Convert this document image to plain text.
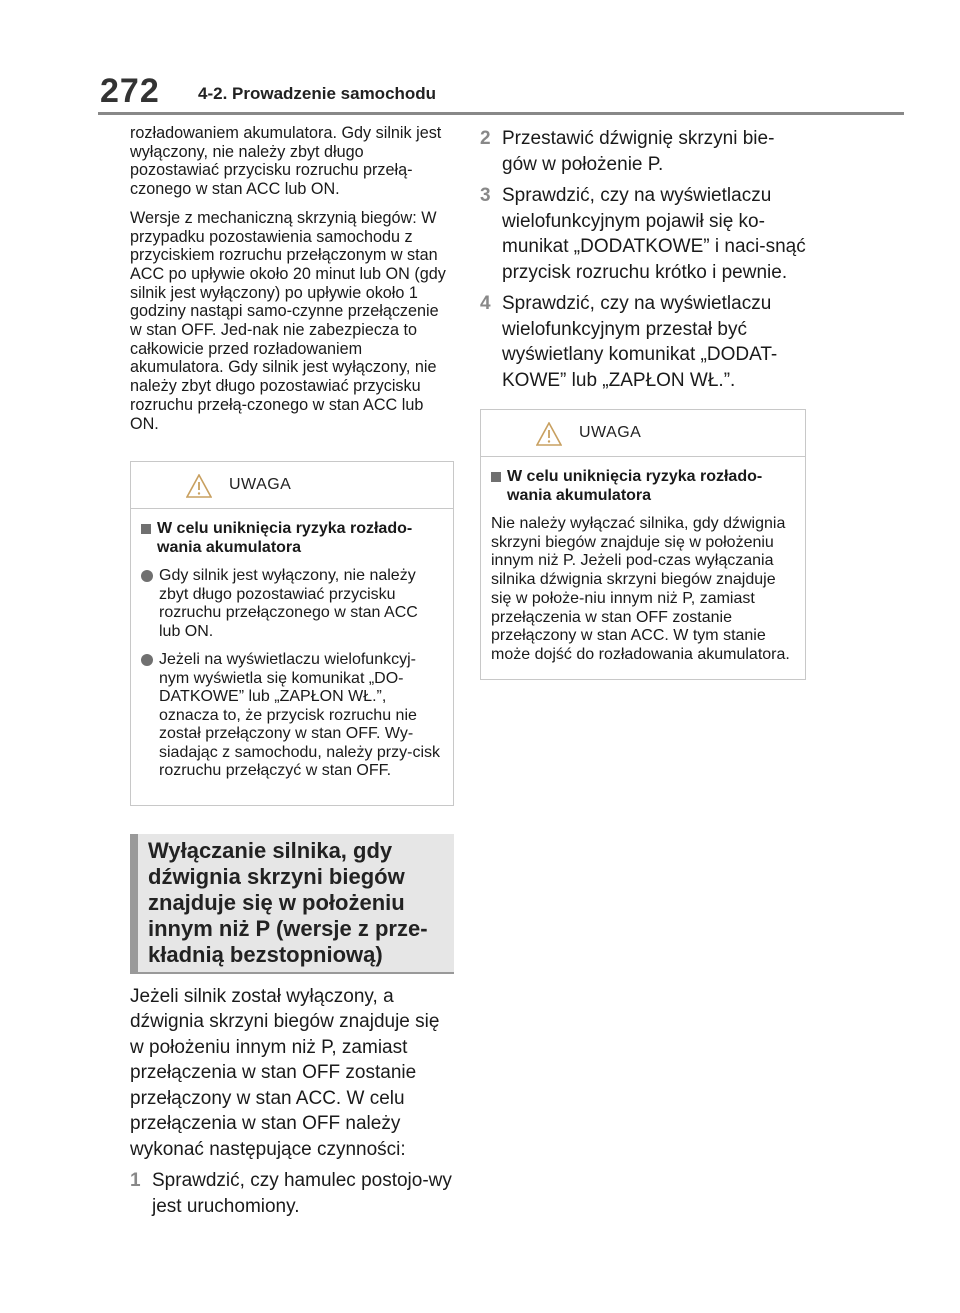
272 4-2. Prowadzenie samochodu

rozładowaniem akumulatora. Gdy silnik jest wyłączony, nie należy zbyt długo pozostawiać przycisku rozruchu przełą-czonego w stan ACC lub ON.

Wersje z mechaniczną skrzynią biegów: W przypadku pozostawienia samochodu z przyciskiem rozruchu przełączonym w stan ACC po upływie około 20 minut lub ON (gdy silnik jest wyłączony) po upływie około 1 godziny nastąpi samo-czynne przełączenie w stan OFF. Jed-nak nie zabezpiecza to całkowicie przed rozładowaniem akumulatora. Gdy silnik jest wyłączony, nie należy zbyt długo pozostawiać przycisku rozruchu przełą-czonego w stan ACC lub ON.

UWAGA
W celu uniknięcia ryzyka rozłado-wania akumulatora
Gdy silnik jest wyłączony, nie należy zbyt długo pozostawiać przycisku rozruchu przełączonego w stan ACC lub ON.
Jeżeli na wyświetlaczu wielofunkcyj-nym wyświetla się komunikat „DO-DATKOWE” lub „ZAPŁON WŁ.”, oznacza to, że przycisk rozruchu nie został przełączony w stan OFF. Wy-siadając z samochodu, należy przy-cisk rozruchu przełączyć w stan OFF.
Wyłączanie silnika, gdy dźwignia skrzyni biegów znajduje się w położeniu innym niż P (wersje z prze-kładnią bezstopniową)

Jeżeli silnik został wyłączony, a dźwignia skrzyni biegów znajduje się w położeniu innym niż P, zamiast przełączenia w stan OFF zostanie przełączony w stan ACC. W celu przełączenia w stan OFF należy wykonać następujące czynności:

1 Sprawdzić, czy hamulec postojo-wy jest uruchomiony.
2 Przestawić dźwignię skrzyni bie-gów w położenie P.
3 Sprawdzić, czy na wyświetlaczu wielofunkcyjnym pojawił się ko-munikat „DODATKOWE” i naci-snąć przycisk rozruchu krótko i pewnie.
4 Sprawdzić, czy na wyświetlaczu wielofunkcyjnym przestał być wyświetlany komunikat „DODAT-KOWE” lub „ZAPŁON WŁ.”.
UWAGA
W celu uniknięcia ryzyka rozłado-wania akumulatora
Nie należy wyłączać silnika, gdy dźwignia skrzyni biegów znajduje się w położeniu innym niż P. Jeżeli pod-czas wyłączania silnika dźwignia skrzyni biegów znajduje się w położe-niu innym niż P, zamiast przełączenia w stan OFF zostanie przełączony w stan ACC. W tym stanie może dojść do rozładowania akumulatora.
